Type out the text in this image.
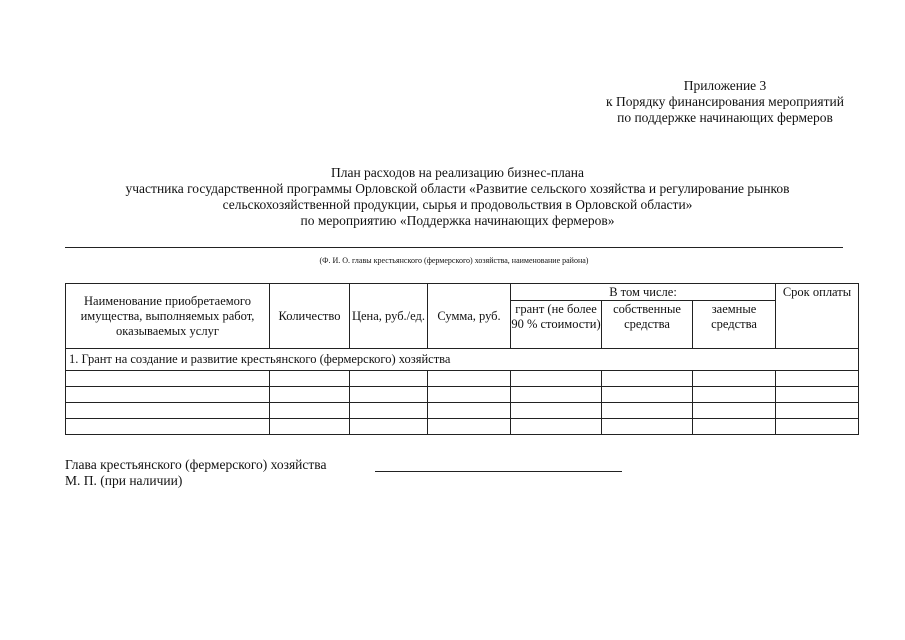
Приложение 3
к Порядку финансирования мероприятий
по поддержке начинающих фермеров
План расходов на реализацию бизнес-плана
участника государственной программы Орловской области «Развитие сельского хозяйства и регулирование рынков
сельскохозяйственной продукции, сырья и продовольствия в Орловской области»
по мероприятию «Поддержка начинающих фермеров»
(Ф. И. О. главы крестьянского (фермерского) хозяйства, наименование района)
Наименование приобретаемого имущества, выполняемых работ, оказываемых услуг	Количество	Цена, руб./ед.	Сумма, руб.	В том числе:			Срок оплаты
				грант (не более 90 % стоимости)	собственные средства	заемные средства	
1. Грант на создание и развитие крестьянского (фермерского) хозяйства							

Глава крестьянского (фермерского) хозяйства
М. П. (при наличии)
